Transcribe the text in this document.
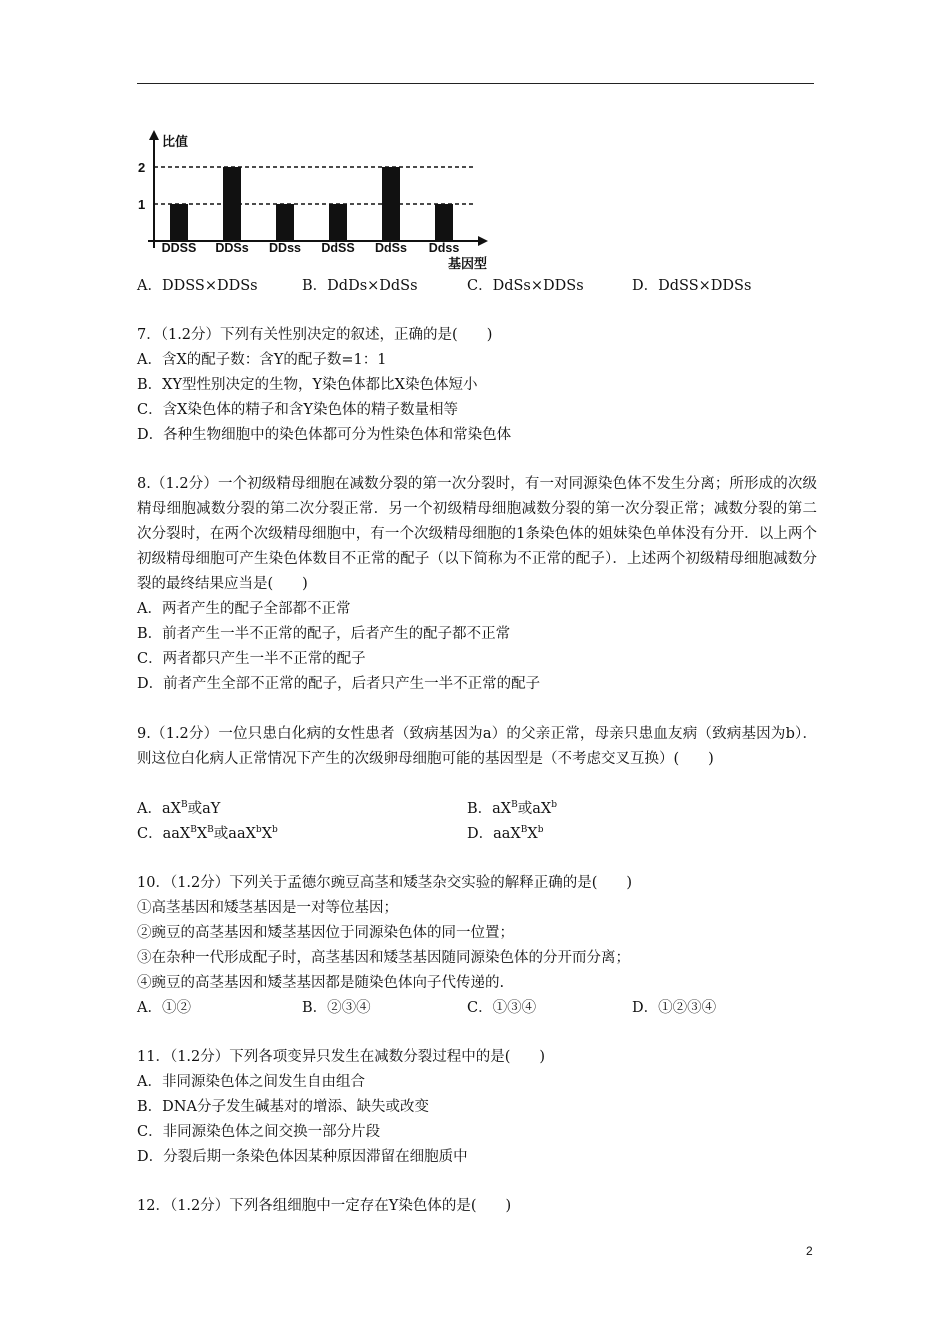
1
2
DDSS DDSs DDss DdSS DdSs Ddss
比值
基因型
A．DDSS×DDSs	B．DdDs×DdSs	C．DdSs×DDSs	D．DdSS×DDSs
7．（1.2分）下列有关性别决定的叙述，正确的是(　　)
A．含X的配子数：含Y的配子数=1：1
B．XY型性别决定的生物，Y染色体都比X染色体短小
C．含X染色体的精子和含Y染色体的精子数量相等
D．各种生物细胞中的染色体都可分为性染色体和常染色体
8.（1.2分）一个初级精母细胞在减数分裂的第一次分裂时，有一对同源染色体不发生分离；所形成的次级精母细胞减数分裂的第二次分裂正常．另一个初级精母细胞减数分裂的第一次分裂正常；减数分裂的第二次分裂时，在两个次级精母细胞中，有一个次级精母细胞的1条染色体的姐妹染色单体没有分开．以上两个初级精母细胞可产生染色体数目不正常的配子（以下简称为不正常的配子）．上述两个初级精母细胞减数分裂的最终结果应当是(　　)
A．两者产生的配子全部都不正常
B．前者产生一半不正常的配子，后者产生的配子都不正常
C．两者都只产生一半不正常的配子
D．前者产生全部不正常的配子，后者只产生一半不正常的配子
9.（1.2分）一位只患白化病的女性患者（致病基因为a）的父亲正常，母亲只患血友病（致病基因为b）．则这位白化病人正常情况下产生的次级卵母细胞可能的基因型是（不考虑交叉互换）(　　)
A．$aX^B$或aY	B．$aX^B$或$aX^b$
C．$aaX^BX^B$或$aaX^bX^b$	D．$aaX^BX^b$
10．（1.2分）下列关于孟德尔豌豆高茎和矮茎杂交实验的解释正确的是(　　)
①高茎基因和矮茎基因是一对等位基因；
②豌豆的高茎基因和矮茎基因位于同源染色体的同一位置；
③在杂种一代形成配子时，高茎基因和矮茎基因随同源染色体的分开而分离；
④豌豆的高茎基因和矮茎基因都是随染色体向子代传递的.
A．①②	B．②③④	C．①③④	D．①②③④
11．（1.2分）下列各项变异只发生在减数分裂过程中的是(　　)
A．非同源染色体之间发生自由组合
B．DNA分子发生碱基对的增添、缺失或改变
C．非同源染色体之间交换一部分片段
D．分裂后期一条染色体因某种原因滞留在细胞质中
12．（1.2分）下列各组细胞中一定存在Y染色体的是(　　)
2
